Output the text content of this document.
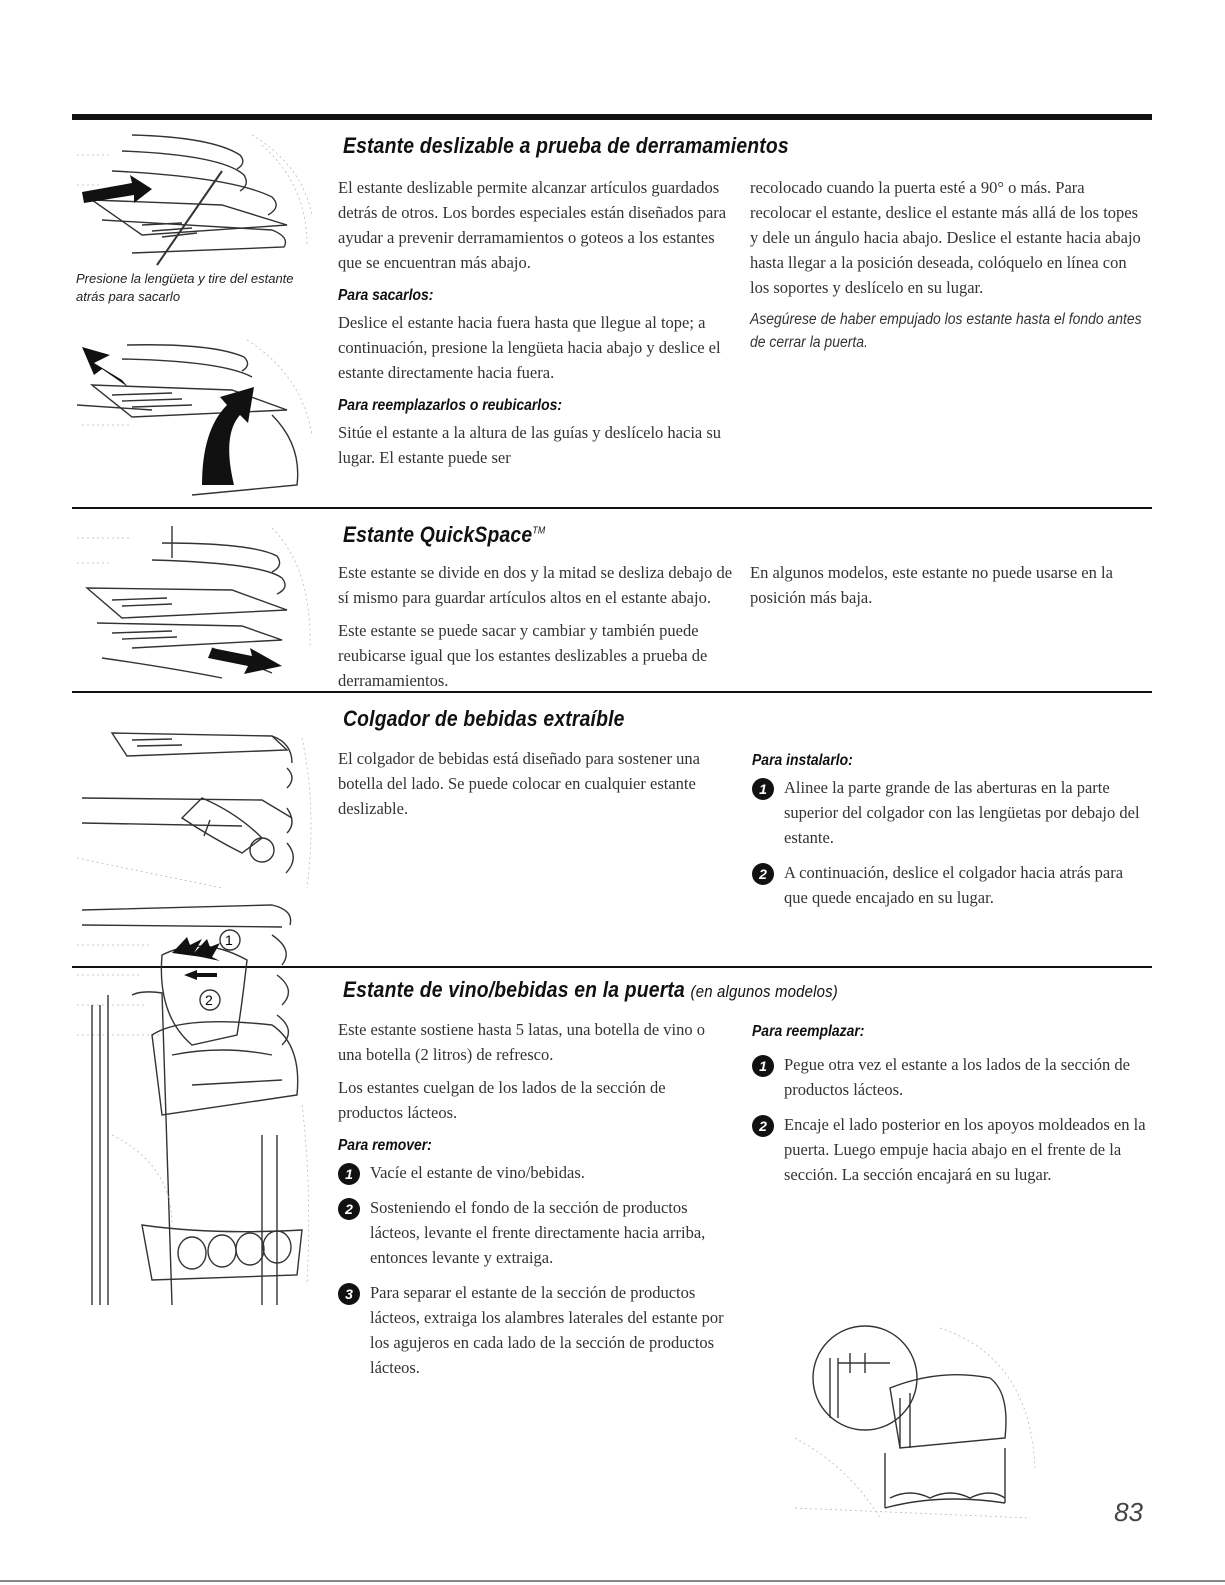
Presione la lengüeta y tire del estante atrás para sacarlo
Estante deslizable a prueba de derramamientos

El estante deslizable permite alcanzar artículos guardados detrás de otros. Los bordes especiales están diseñados para ayudar a prevenir derramamientos o goteos a los estantes que se encuentran más abajo.

Para sacarlos:

Deslice el estante hacia fuera hasta que llegue al tope; a continuación, presione la lengüeta hacia abajo y deslice el estante directamente hacia fuera.

Para reemplazarlos o reubicarlos:

Sitúe el estante a la altura de las guías y deslícelo hacia su lugar. El estante puede ser

recolocado cuando la puerta esté a 90° o más. Para recolocar el estante, deslice el estante más allá de los topes y dele un ángulo hacia abajo. Deslice el estante hacia abajo hasta llegar a la posición deseada, colóquelo en línea con los soportes y deslícelo en su lugar.

Asegúrese de haber empujado los estante hasta el fondo antes de cerrar la puerta.
Estante QuickSpace™

Este estante se divide en dos y la mitad se desliza debajo de sí mismo para guardar artículos altos en el estante abajo.

Este estante se puede sacar y cambiar y también puede reubicarse igual que los estantes deslizables a prueba de derramamientos.

En algunos modelos, este estante no puede usarse en la posición más baja.

1
2
Colgador de bebidas extraíble

El colgador de bebidas está diseñado para sostener una botella del lado. Se puede colocar en cualquier estante deslizable.

Para instalarlo:
1	Alinee la parte grande de las aberturas en la parte superior del colgador con las lengüetas por debajo del estante.
2	A continuación, deslice el colgador hacia atrás para que quede encajado en su lugar.
Estante de vino/bebidas en la puerta (en algunos modelos)

Este estante sostiene hasta 5 latas, una botella de vino o una botella (2 litros) de refresco.

Los estantes cuelgan de los lados de la sección de productos lácteos.

Para remover:
1	Vacíe el estante de vino/bebidas.
2	Sosteniendo el fondo de la sección de productos lácteos, levante el frente directamente hacia arriba, entonces levante y extraiga.
3	Para separar el estante de la sección de productos lácteos, extraiga los alambres laterales del estante por los agujeros en cada lado de la sección de productos lácteos.
Para reemplazar:
1	Pegue otra vez el estante a los lados de la sección de productos lácteos.
2	Encaje el lado posterior en los apoyos moldeados en la puerta. Luego empuje hacia abajo en el frente de la sección. La sección encajará en su lugar.
83
